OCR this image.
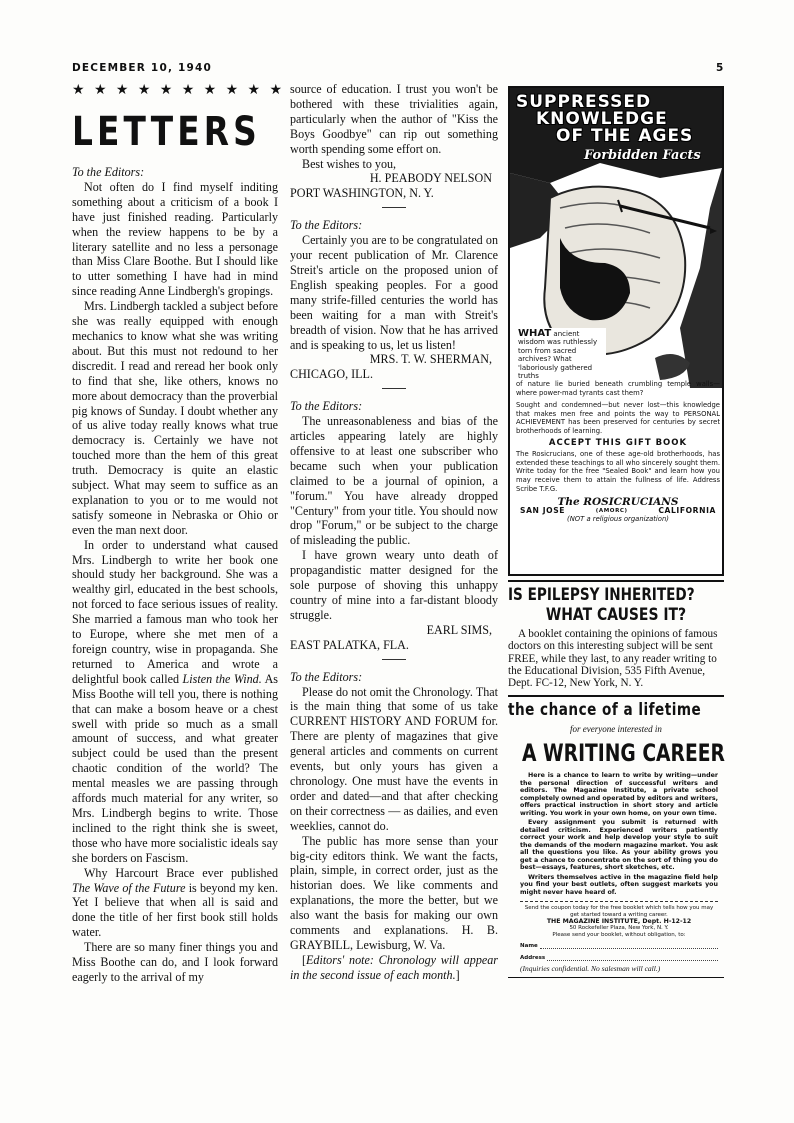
DECEMBER 10, 1940	5
★ ★ ★ ★ ★ ★ ★ ★ ★ ★
LETTERS

To the Editors:

Not often do I find myself inditing something about a criticism of a book I have just finished reading. Particularly when the review happens to be by a literary satellite and no less a personage than Miss Clare Boothe. But I should like to utter something I have had in mind since reading Anne Lindbergh's gropings.

Mrs. Lindbergh tackled a subject before she was really equipped with enough mechanics to know what she was writing about. But this must not redound to her discredit. I read and reread her book only to find that she, like others, knows no more about democracy than the proverbial pig knows of Sunday. I doubt whether any of us alive today really knows what true democracy is. Certainly we have not touched more than the hem of this great truth. Democracy is quite an elastic subject. What may seem to suffice as an explanation to you or to me would not satisfy someone in Nebraska or Ohio or even the man next door.

In order to understand what caused Mrs. Lindbergh to write her book one should study her background. She was a wealthy girl, educated in the best schools, not forced to face serious issues of reality. She married a famous man who took her to Europe, where she met men of a foreign country, wise in propaganda. She returned to America and wrote a delightful book called Listen the Wind. As Miss Boothe will tell you, there is nothing that can make a bosom heave or a chest swell with pride so much as a small amount of success, and what greater subject could be used than the present chaotic condition of the world? The mental measles we are passing through affords much material for any writer, so Mrs. Lindbergh begins to write. Those inclined to the right think she is sweet, those who have more socialistic ideals say she borders on Fascism.

Why Harcourt Brace ever published The Wave of the Future is beyond my ken. Yet I believe that when all is said and done the title of her first book still holds water.

There are so many finer things you and Miss Boothe can do, and I look forward eagerly to the arrival of my

source of education. I trust you won't be bothered with these trivialities again, particularly when the author of "Kiss the Boys Goodbye" can rip out something worth spending some effort on.

Best wishes to you,

H. PEABODY NELSON

PORT WASHINGTON, N. Y.

To the Editors:

Certainly you are to be congratulated on your recent publication of Mr. Clarence Streit's article on the proposed union of English speaking peoples. For a good many strife-filled centuries the world has been waiting for a man with Streit's breadth of vision. Now that he has arrived and is speaking to us, let us listen!

MRS. T. W. SHERMAN,

CHICAGO, ILL.

To the Editors:

The unreasonableness and bias of the articles appearing lately are highly offensive to at least one subscriber who became such when your publication claimed to be a journal of opinion, a "forum." You have already dropped "Century" from your title. You should now drop "Forum," or be subject to the charge of misleading the public.

I have grown weary unto death of propagandistic matter designed for the sole purpose of shoving this unhappy country of mine into a far-distant bloody struggle.

EARL SIMS,

EAST PALATKA, FLA.

To the Editors:

Please do not omit the Chronology. That is the main thing that some of us take CURRENT HISTORY AND FORUM for. There are plenty of magazines that give general articles and comments on current events, but only yours has given a chronology. One must have the events in order and dated—and that after checking on their correctness — as dailies, and even weeklies, cannot do.

The public has more sense than your big-city editors think. We want the facts, plain, simple, in correct order, just as the historian does. We like comments and explanations, the more the better, but we also want the basis for making our own comments and explanations. H. B. GRAYBILL, Lewisburg, W. Va.

[Editors' note: Chronology will appear in the second issue of each month.]

SUPPRESSED
KNOWLEDGE
OF THE AGES
Forbidden Facts
WHAT ancient wisdom was ruthlessly torn from sacred archives? What 'laboriously gathered truths

of nature lie buried beneath crumbling temple walls—where power-mad tyrants cast them?

Sought and condemned—but never lost—this knowledge that makes men free and points the way to PERSONAL ACHIEVEMENT has been preserved for centuries by secret brotherhoods of learning.

ACCEPT THIS GIFT BOOK

The Rosicrucians, one of these age-old brotherhoods, has extended these teachings to all who sincerely sought them. Write today for the free "Sealed Book" and learn how you may receive them to attain the fullness of life. Address Scribe T.F.G.

The ROSICRUCIANS

SAN JOSE	(AMORC)	CALIFORNIA

(NOT a religious organization)

IS EPILEPSY INHERITED?
WHAT CAUSES IT?

A booklet containing the opinions of famous doctors on this interesting subject will be sent FREE, while they last, to any reader writing to the Educational Division, 535 Fifth Avenue, Dept. FC-12, New York, N. Y.

the chance of a lifetime
for everyone interested in
A WRITING CAREER

Here is a chance to learn to write by writing—under the personal direction of successful writers and editors. The Magazine Institute, a private school completely owned and operated by editors and writers, offers practical instruction in short story and article writing. You work in your own home, on your own time.

Every assignment you submit is returned with detailed criticism. Experienced writers patiently correct your work and help develop your style to suit the demands of the modern magazine market. You ask all the questions you like. As your ability grows you get a chance to concentrate on the sort of thing you do best—essays, features, short sketches, etc.

Writers themselves active in the magazine field help you find your best outlets, often suggest markets you might never have heard of.

Send the coupon today for the free booklet which tells how you may get started toward a writing career.

THE MAGAZINE INSTITUTE, Dept. H-12-12

50 Rockefeller Plaza, New York, N. Y.

Please send your booklet, without obligation, to:

Name
Address

(Inquiries confidential. No salesman will call.)
